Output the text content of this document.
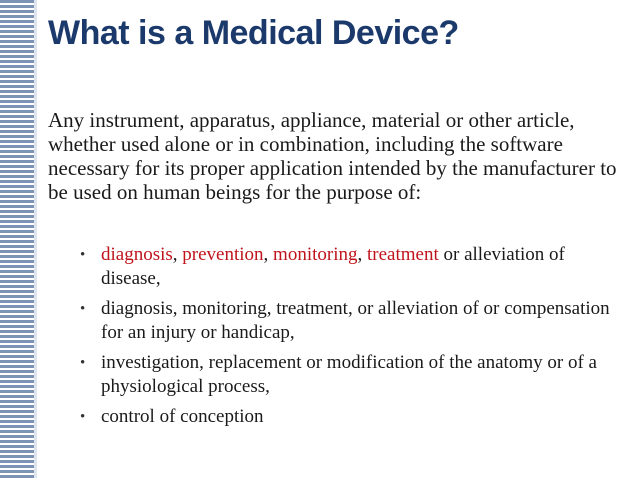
What is a Medical Device?

Any instrument, apparatus, appliance, material or other article, whether used alone or in combination, including the software necessary for its proper application intended by the manufacturer to be used on human beings for the purpose of:

• diagnosis, prevention, monitoring, treatment or alleviation of disease,
• diagnosis, monitoring, treatment, or alleviation of or compensation for an injury or handicap,
• investigation, replacement or modification of the anatomy or of a physiological process,
• control of conception
